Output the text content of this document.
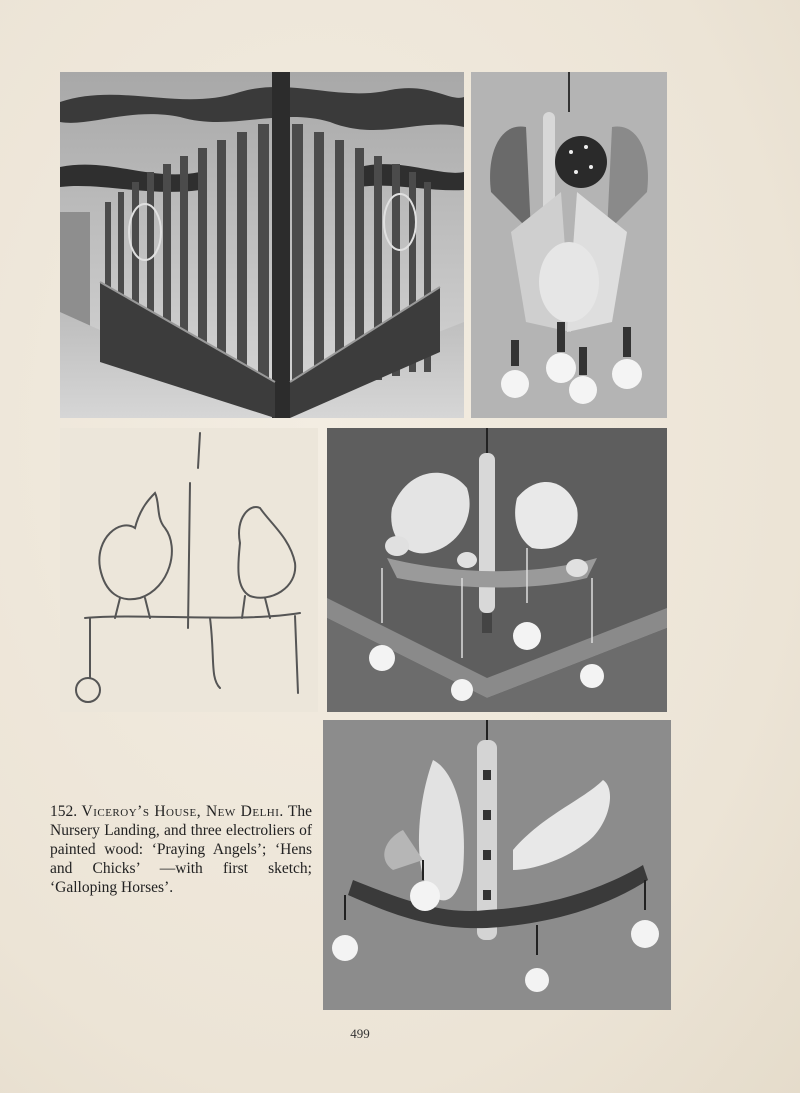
152. Viceroy’s House, New Delhi. The Nursery Landing, and three electroliers of painted wood: ‘Praying Angels’; ‘Hens and Chicks’ —with first sketch; ‘Galloping Horses’.
499
